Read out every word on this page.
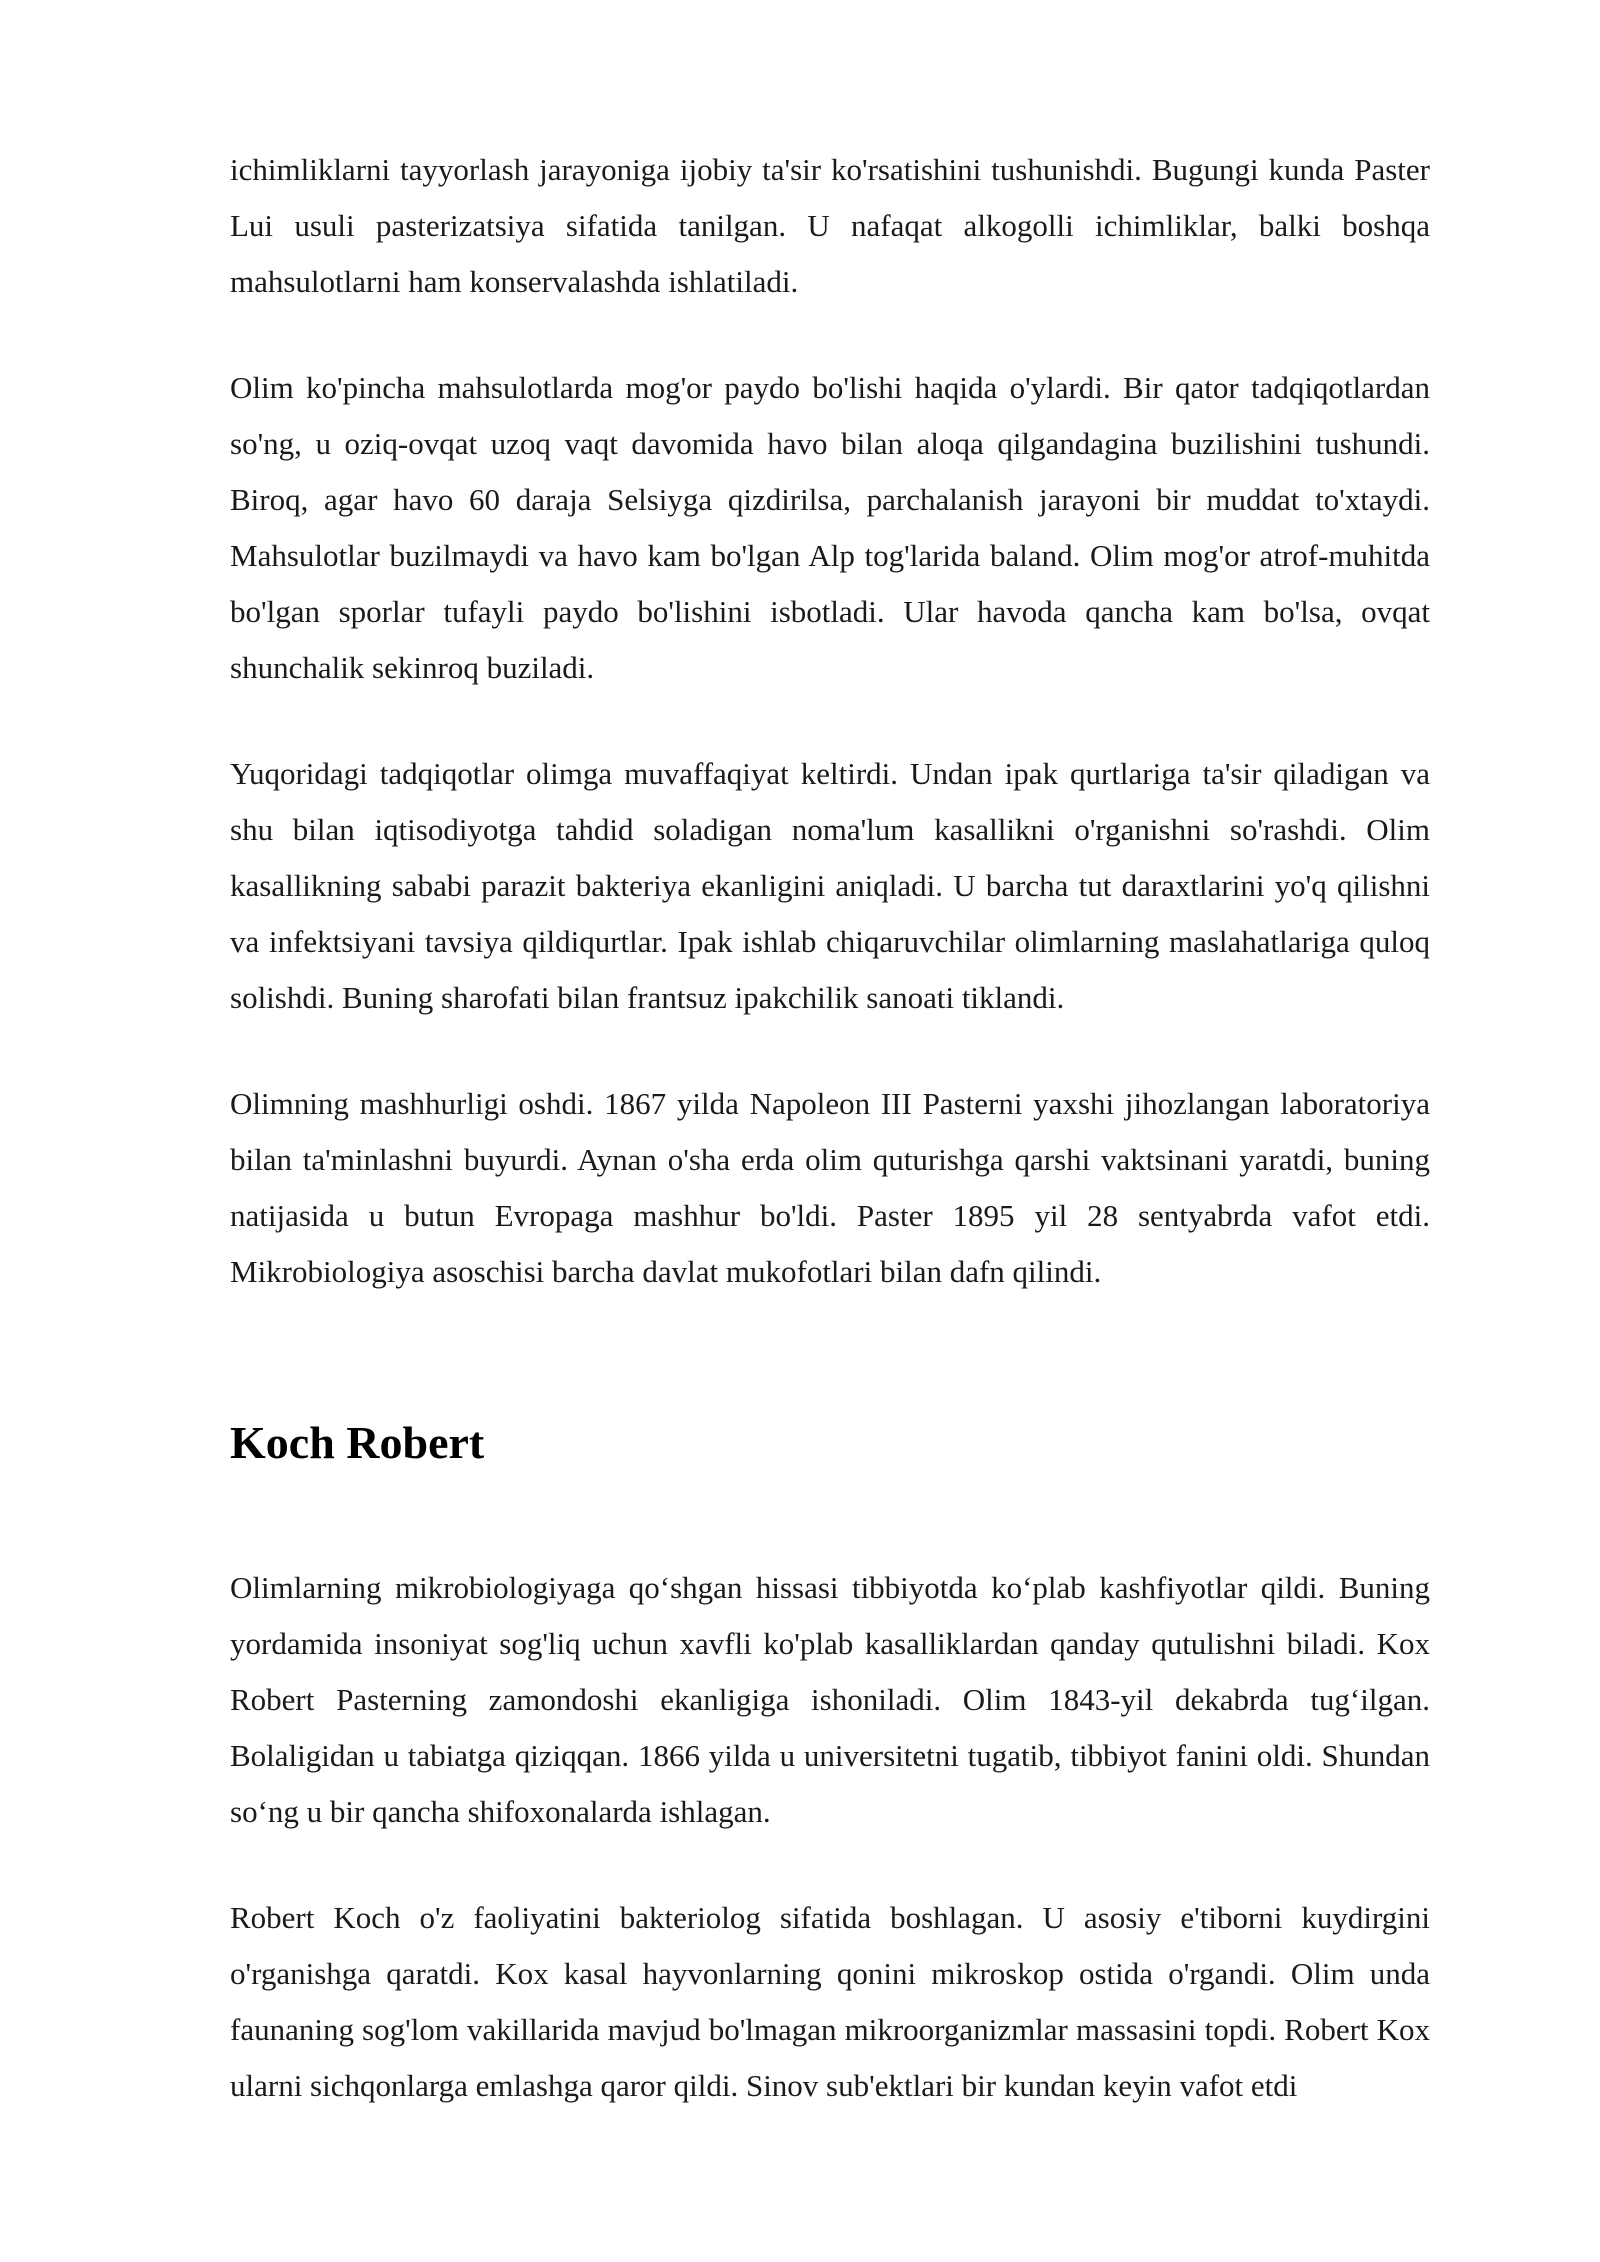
ichimliklarni tayyorlash jarayoniga ijobiy ta'sir ko'rsatishini tushunishdi. Bugungi kunda Paster Lui usuli pasterizatsiya sifatida tanilgan. U nafaqat alkogolli ichimliklar, balki boshqa mahsulotlarni ham konservalashda ishlatiladi.

Olim ko'pincha mahsulotlarda mog'or paydo bo'lishi haqida o'ylardi. Bir qator tadqiqotlardan so'ng, u oziq-ovqat uzoq vaqt davomida havo bilan aloqa qilgandagina buzilishini tushundi. Biroq, agar havo 60 daraja Selsiyga qizdirilsa, parchalanish jarayoni bir muddat to'xtaydi. Mahsulotlar buzilmaydi va havo kam bo'lgan Alp tog'larida baland. Olim mog'or atrof-muhitda bo'lgan sporlar tufayli paydo bo'lishini isbotladi. Ular havoda qancha kam bo'lsa, ovqat shunchalik sekinroq buziladi.

Yuqoridagi tadqiqotlar olimga muvaffaqiyat keltirdi. Undan ipak qurtlariga ta'sir qiladigan va shu bilan iqtisodiyotga tahdid soladigan noma'lum kasallikni o'rganishni so'rashdi. Olim kasallikning sababi parazit bakteriya ekanligini aniqladi. U barcha tut daraxtlarini yo'q qilishni va infektsiyani tavsiya qildiqurtlar. Ipak ishlab chiqaruvchilar olimlarning maslahatlariga quloq solishdi. Buning sharofati bilan frantsuz ipakchilik sanoati tiklandi.

Olimning mashhurligi oshdi. 1867 yilda Napoleon III Pasterni yaxshi jihozlangan laboratoriya bilan ta'minlashni buyurdi. Aynan o'sha erda olim quturishga qarshi vaktsinani yaratdi, buning natijasida u butun Evropaga mashhur bo'ldi. Paster 1895 yil 28 sentyabrda vafot etdi. Mikrobiologiya asoschisi barcha davlat mukofotlari bilan dafn qilindi.

Koch Robert

Olimlarning mikrobiologiyaga qo‘shgan hissasi tibbiyotda ko‘plab kashfiyotlar qildi. Buning yordamida insoniyat sog'liq uchun xavfli ko'plab kasalliklardan qanday qutulishni biladi. Kox Robert Pasterning zamondoshi ekanligiga ishoniladi. Olim 1843-yil dekabrda tug‘ilgan. Bolaligidan u tabiatga qiziqqan. 1866 yilda u universitetni tugatib, tibbiyot fanini oldi. Shundan so‘ng u bir qancha shifoxonalarda ishlagan.

Robert Koch o'z faoliyatini bakteriolog sifatida boshlagan. U asosiy e'tiborni kuydirgini o'rganishga qaratdi. Kox kasal hayvonlarning qonini mikroskop ostida o'rgandi. Olim unda faunaning sog'lom vakillarida mavjud bo'lmagan mikroorganizmlar massasini topdi. Robert Kox ularni sichqonlarga emlashga qaror qildi. Sinov sub'ektlari bir kundan keyin vafot etdi
